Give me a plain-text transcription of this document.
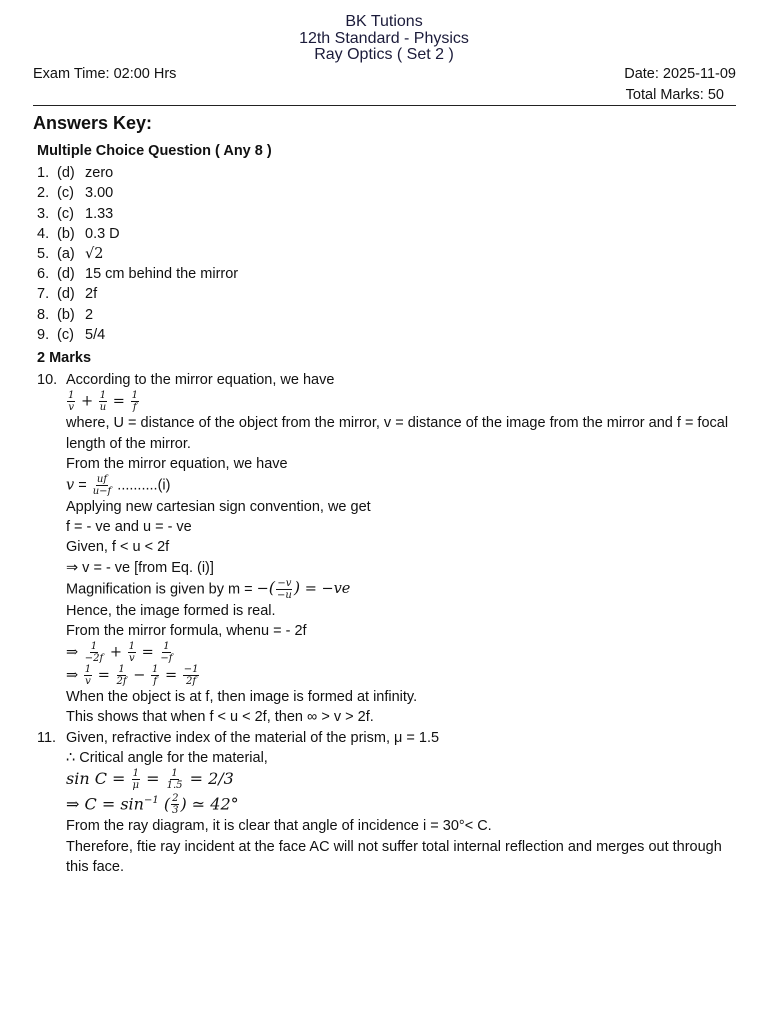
BK Tutions
12th Standard - Physics
Ray Optics ( Set 2 )
Exam Time: 02:00 Hrs	Date: 2025-11-09
Total Marks: 50
Answers Key:
Multiple Choice Question ( Any 8 )
1. (d) zero
2. (c) 3.00
3. (c) 1.33
4. (b) 0.3 D
5. (a) √2
6. (d) 15 cm behind the mirror
7. (d) 2f
8. (b) 2
9. (c) 5/4
2 Marks
10. According to the mirror equation, we have
$\frac{1}{v} + \frac{1}{u} = \frac{1}{f}$
where, U = distance of the object from the mirror, v = distance of the image from the mirror and f = focal length of the mirror.
From the mirror equation, we have
$v = \frac{uf}{u-f} ..........(i)$
Applying new cartesian sign convention, we get
f = - ve and u = - ve
Given, f < u < 2f
⇒ v = - ve [from Eq. (i)]
Magnification is given by m = −( $\frac{-v}{-u}$ ) = −ve
Hence, the image formed is real.
From the mirror formula, whenu = - 2f
⇒ $\frac{1}{-2f} + \frac{1}{v} = \frac{1}{-f}$
⇒ $\frac{1}{v} = \frac{1}{2f} - \frac{1}{f} = \frac{-1}{2f}$
When the object is at f, then image is formed at infinity.
This shows that when f < u < 2f, then ∞ > v > 2f.
11. Given, refractive index of the material of the prism, μ = 1.5
∴ Critical angle for the material,
$\sin C = \frac{1}{\mu} = \frac{1}{1.5} = 2/3$
⇒ $C = \sin^{-1}$ ( $\frac{2}{3}$ ) ≃ 42°
From the ray diagram, it is clear that angle of incidence i = 30°< C.
Therefore, ftie ray incident at the face AC will not suffer total internal reflection and merges out through this face.
